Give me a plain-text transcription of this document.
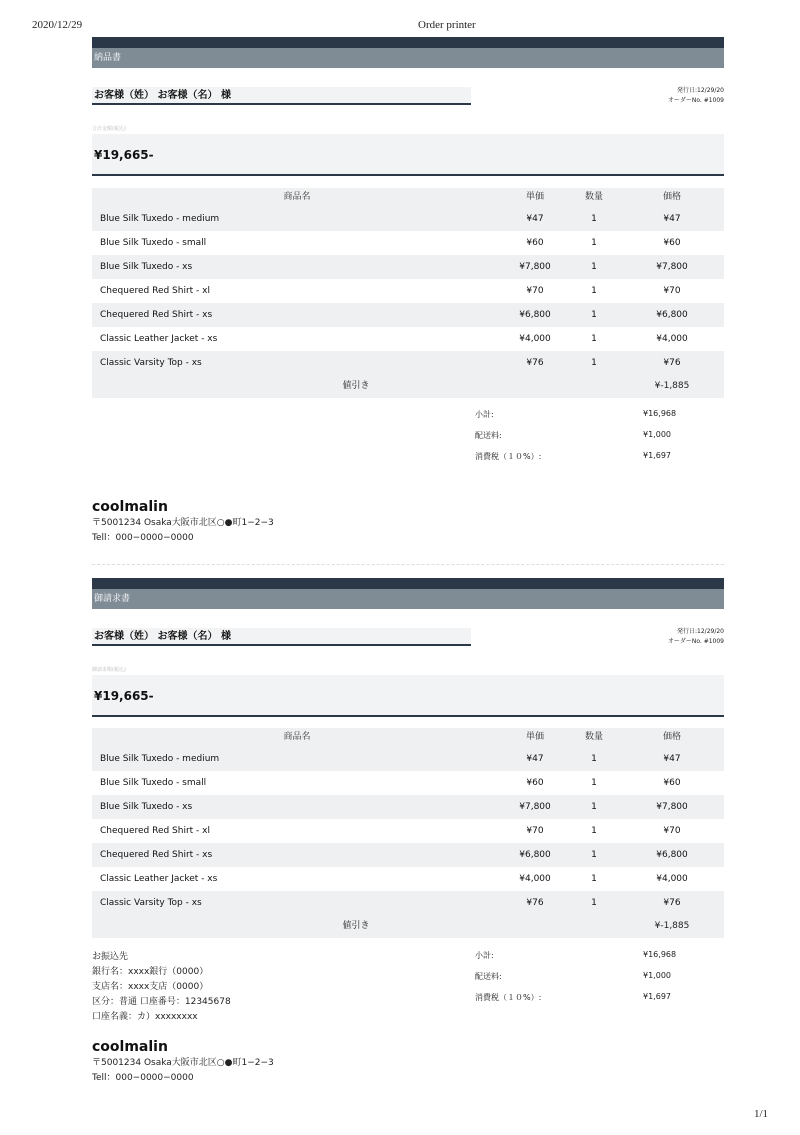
2020/12/29	Order printer
1/1
納品書
お客様（姓） お客様（名） 様	発行日:12/29/20
オーダーNo. #1009
合計金額(税込)
¥19,665-
商品名	単価	数量	価格
Blue Silk Tuxedo - medium	¥47	1	¥47
Blue Silk Tuxedo - small	¥60	1	¥60
Blue Silk Tuxedo - xs	¥7,800	1	¥7,800
Chequered Red Shirt - xl	¥70	1	¥70
Chequered Red Shirt - xs	¥6,800	1	¥6,800
Classic Leather Jacket - xs	¥4,000	1	¥4,000
Classic Varsity Top - xs	¥76	1	¥76
値引き	¥-1,885
小計:	¥16,968
配送料:	¥1,000
消費税（１０%）:	¥1,697
coolmalin
〒5001234 Osaka大阪市北区○●町1−2−3
Tell：000−0000−0000
御請求書
お客様（姓） お客様（名） 様	発行日:12/29/20
オーダーNo. #1009
御請求額(税込)
¥19,665-
商品名	単価	数量	価格
Blue Silk Tuxedo - medium	¥47	1	¥47
Blue Silk Tuxedo - small	¥60	1	¥60
Blue Silk Tuxedo - xs	¥7,800	1	¥7,800
Chequered Red Shirt - xl	¥70	1	¥70
Chequered Red Shirt - xs	¥6,800	1	¥6,800
Classic Leather Jacket - xs	¥4,000	1	¥4,000
Classic Varsity Top - xs	¥76	1	¥76
値引き	¥-1,885
お振込先
銀行名：xxxx銀行（0000）
支店名：xxxx支店（0000）
区分：普通 口座番号：12345678
口座名義：カ）xxxxxxxx
小計:	¥16,968
配送料:	¥1,000
消費税（１０%）:	¥1,697
coolmalin
〒5001234 Osaka大阪市北区○●町1−2−3
Tell：000−0000−0000
